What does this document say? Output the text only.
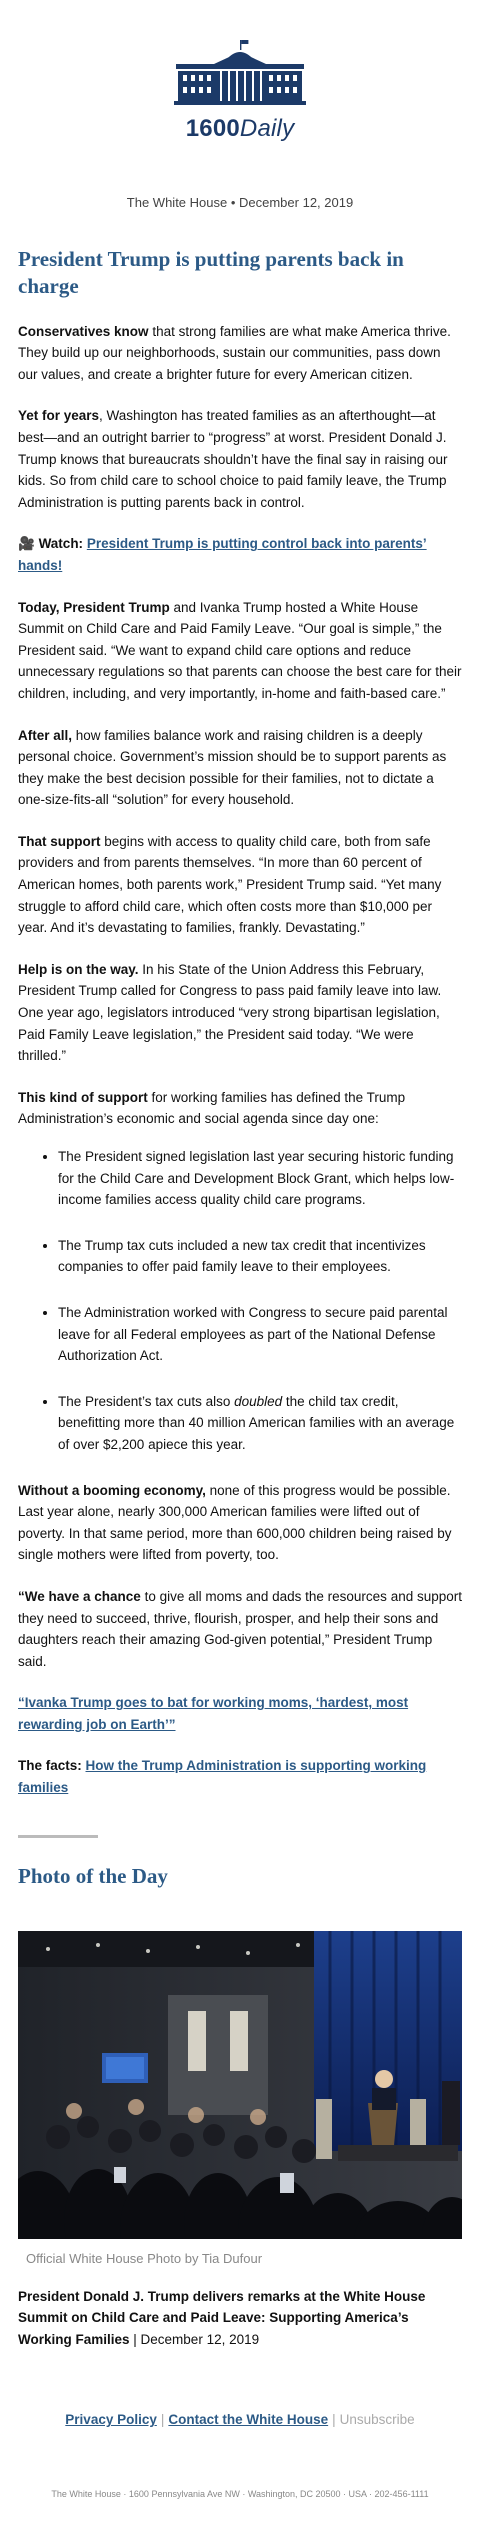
1600Daily
The White House • December 12, 2019
President Trump is putting parents back in charge

Conservatives know that strong families are what make America thrive. They build up our neighborhoods, sustain our communities, pass down our values, and create a brighter future for every American citizen.

Yet for years, Washington has treated families as an afterthought—at best—and an outright barrier to “progress” at worst. President Donald J. Trump knows that bureaucrats shouldn’t have the final say in raising our kids. So from child care to school choice to paid family leave, the Trump Administration is putting parents back in control.

🎥 Watch: President Trump is putting control back into parents’ hands!

Today, President Trump and Ivanka Trump hosted a White House Summit on Child Care and Paid Family Leave. “Our goal is simple,” the President said. “We want to expand child care options and reduce unnecessary regulations so that parents can choose the best care for their children, including, and very importantly, in-home and faith-based care.”

After all, how families balance work and raising children is a deeply personal choice. Government’s mission should be to support parents as they make the best decision possible for their families, not to dictate a one-size-fits-all “solution” for every household.

That support begins with access to quality child care, both from safe providers and from parents themselves. “In more than 60 percent of American homes, both parents work,” President Trump said. “Yet many struggle to afford child care, which often costs more than $10,000 per year. And it’s devastating to families, frankly. Devastating.”

Help is on the way. In his State of the Union Address this February, President Trump called for Congress to pass paid family leave into law. One year ago, legislators introduced “very strong bipartisan legislation, Paid Family Leave legislation,” the President said today. “We were thrilled.”

This kind of support for working families has defined the Trump Administration’s economic and social agenda since day one:

• The President signed legislation last year securing historic funding for the Child Care and Development Block Grant, which helps low-income families access quality child care programs.
• The Trump tax cuts included a new tax credit that incentivizes companies to offer paid family leave to their employees.
• The Administration worked with Congress to secure paid parental leave for all Federal employees as part of the National Defense Authorization Act.
• The President’s tax cuts also doubled the child tax credit, benefitting more than 40 million American families with an average of over $2,200 apiece this year.

Without a booming economy, none of this progress would be possible. Last year alone, nearly 300,000 American families were lifted out of poverty. In that same period, more than 600,000 children being raised by single mothers were lifted from poverty, too.

“We have a chance to give all moms and dads the resources and support they need to succeed, thrive, flourish, prosper, and help their sons and daughters reach their amazing God-given potential,” President Trump said.

“Ivanka Trump goes to bat for working moms, ‘hardest, most rewarding job on Earth’”

The facts: How the Trump Administration is supporting working families

Photo of the Day
Official White House Photo by Tia Dufour

President Donald J. Trump delivers remarks at the White House Summit on Child Care and Paid Leave: Supporting America’s Working Families | December 12, 2019

Privacy Policy | Contact the White House | Unsubscribe
The White House · 1600 Pennsylvania Ave NW · Washington, DC 20500 · USA · 202-456-1111
